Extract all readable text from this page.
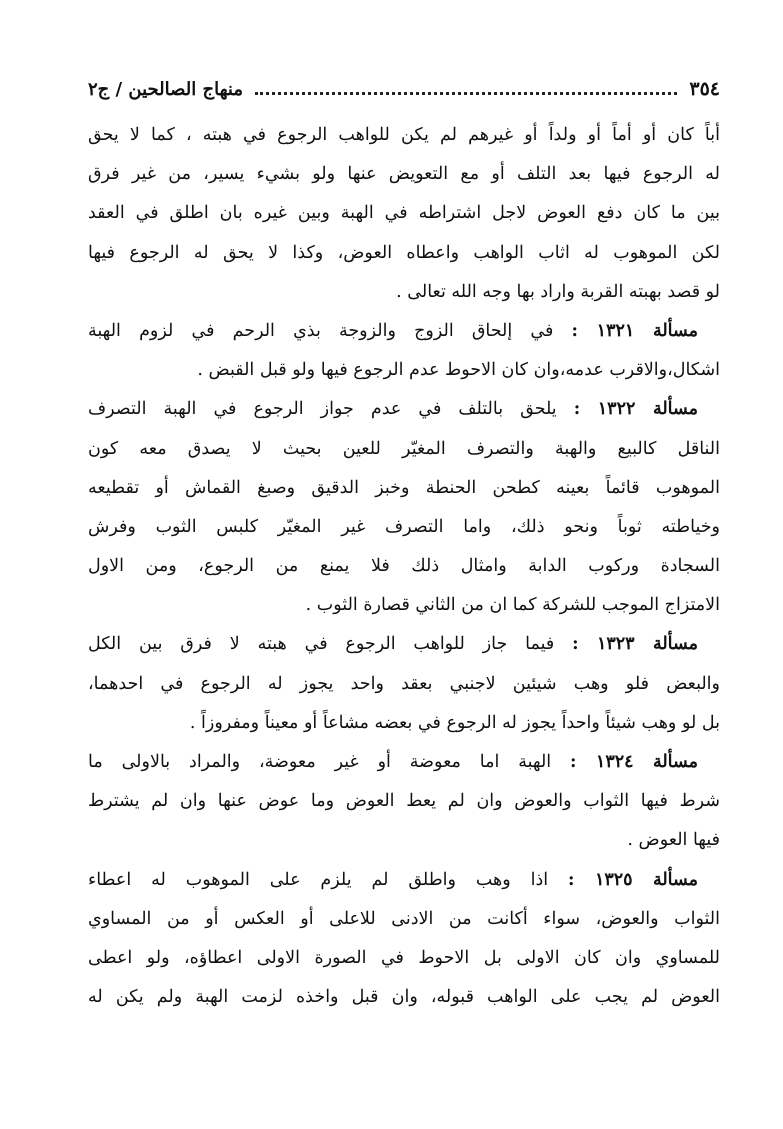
٣٥٤
منهاج الصالحين / ج٢
أباً كان أو أماً أو ولداً أو غيرهم لم يكن للواهب الرجوع في هبته ، كما لا يحق
له الرجوع فيها بعد التلف أو مع التعويض عنها ولو بشيء يسير، من غير فرق
بين ما كان دفع العوض لاجل اشتراطه في الهبة وبين غيره بان اطلق في العقد
لكن الموهوب له اثاب الواهب واعطاه العوض، وكذا لا يحق له الرجوع فيها
لو قصد بهبته القربة واراد بها وجه الله تعالى .
مسألة ١٣٢١ : في إلحاق الزوج والزوجة بذي الرحم في لزوم الهبة
اشكال،والاقرب عدمه،وان كان الاحوط عدم الرجوع فيها ولو قبل القبض .
مسألة ١٣٢٢ : يلحق بالتلف في عدم جواز الرجوع في الهبة التصرف
الناقل كالبيع والهبة والتصرف المغيّر للعين بحيث لا يصدق معه كون
الموهوب قائماً بعينه كطحن الحنطة وخبز الدقيق وصبغ القماش أو تقطيعه
وخياطته ثوباً ونحو ذلك، واما التصرف غير المغيّر كلبس الثوب وفرش
السجادة وركوب الدابة وامثال ذلك فلا يمنع من الرجوع، ومن الاول
الامتزاج الموجب للشركة كما ان من الثاني قصارة الثوب .
مسألة ١٣٢٣ : فيما جاز للواهب الرجوع في هبته لا فرق بين الكل
والبعض فلو وهب شيئين لاجنبي بعقد واحد يجوز له الرجوع في احدهما،
بل لو وهب شيئاً واحداً يجوز له الرجوع في بعضه مشاعاً أو معيناً ومفروزاً .
مسألة ١٣٢٤ : الهبة اما معوضة أو غير معوضة، والمراد بالاولى ما
شرط فيها الثواب والعوض وان لم يعط العوض وما عوض عنها وان لم يشترط
فيها العوض .
مسألة ١٣٢٥ : اذا وهب واطلق لم يلزم على الموهوب له اعطاء
الثواب والعوض، سواء أكانت من الادنى للاعلى أو العكس أو من المساوي
للمساوي وان كان الاولى بل الاحوط في الصورة الاولى اعطاؤه، ولو اعطى
العوض لم يجب على الواهب قبوله، وان قبل واخذه لزمت الهبة ولم يكن له
